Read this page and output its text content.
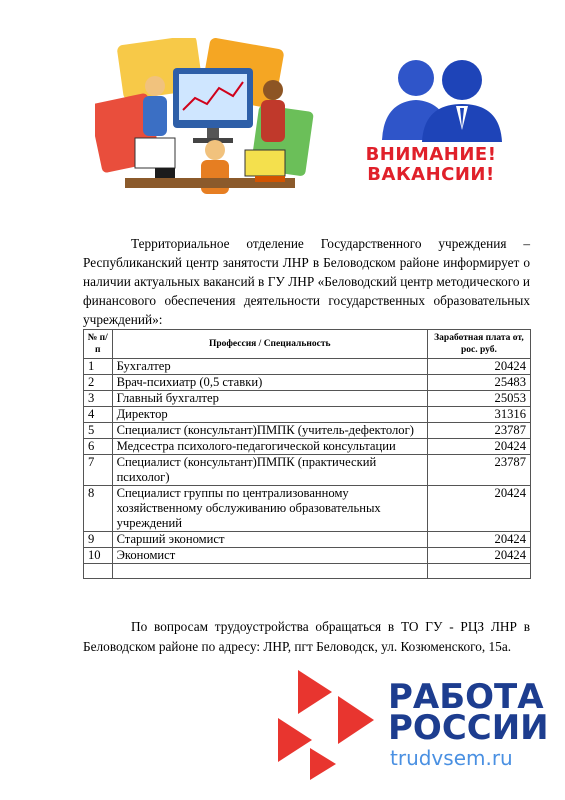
ВНИМАНИЕ!
ВАКАНСИИ!

Территориальное отделение Государственного учреждения – Республиканский центр занятости ЛНР в Беловодском районе информирует о наличии актуальных вакансий в ГУ ЛНР «Беловодский центр методического и финансового обеспечения деятельности государственных образовательных учреждений»:

№ п/п	Профессия / Специальность	Заработная плата от, рос. руб.
1	Бухгалтер	20424
2	Врач-психиатр (0,5 ставки)	25483
3	Главный бухгалтер	25053
4	Директор	31316
5	Специалист (консультант)ПМПК (учитель-дефектолог)	23787
6	Медсестра психолого-педагогической консультации	20424
7	Специалист (консультант)ПМПК (практический психолог)	23787
8	Специалист группы по централизованному хозяйственному обслуживанию образовательных учреждений	20424
9	Старший экономист	20424
10	Экономист	20424

По вопросам трудоустройства обращаться в ТО ГУ - РЦЗ ЛНР в Беловодском районе по адресу: ЛНР, пгт Беловодск, ул. Козюменского, 15а.

РАБОТА
РОССИИ
trudvsem.ru
